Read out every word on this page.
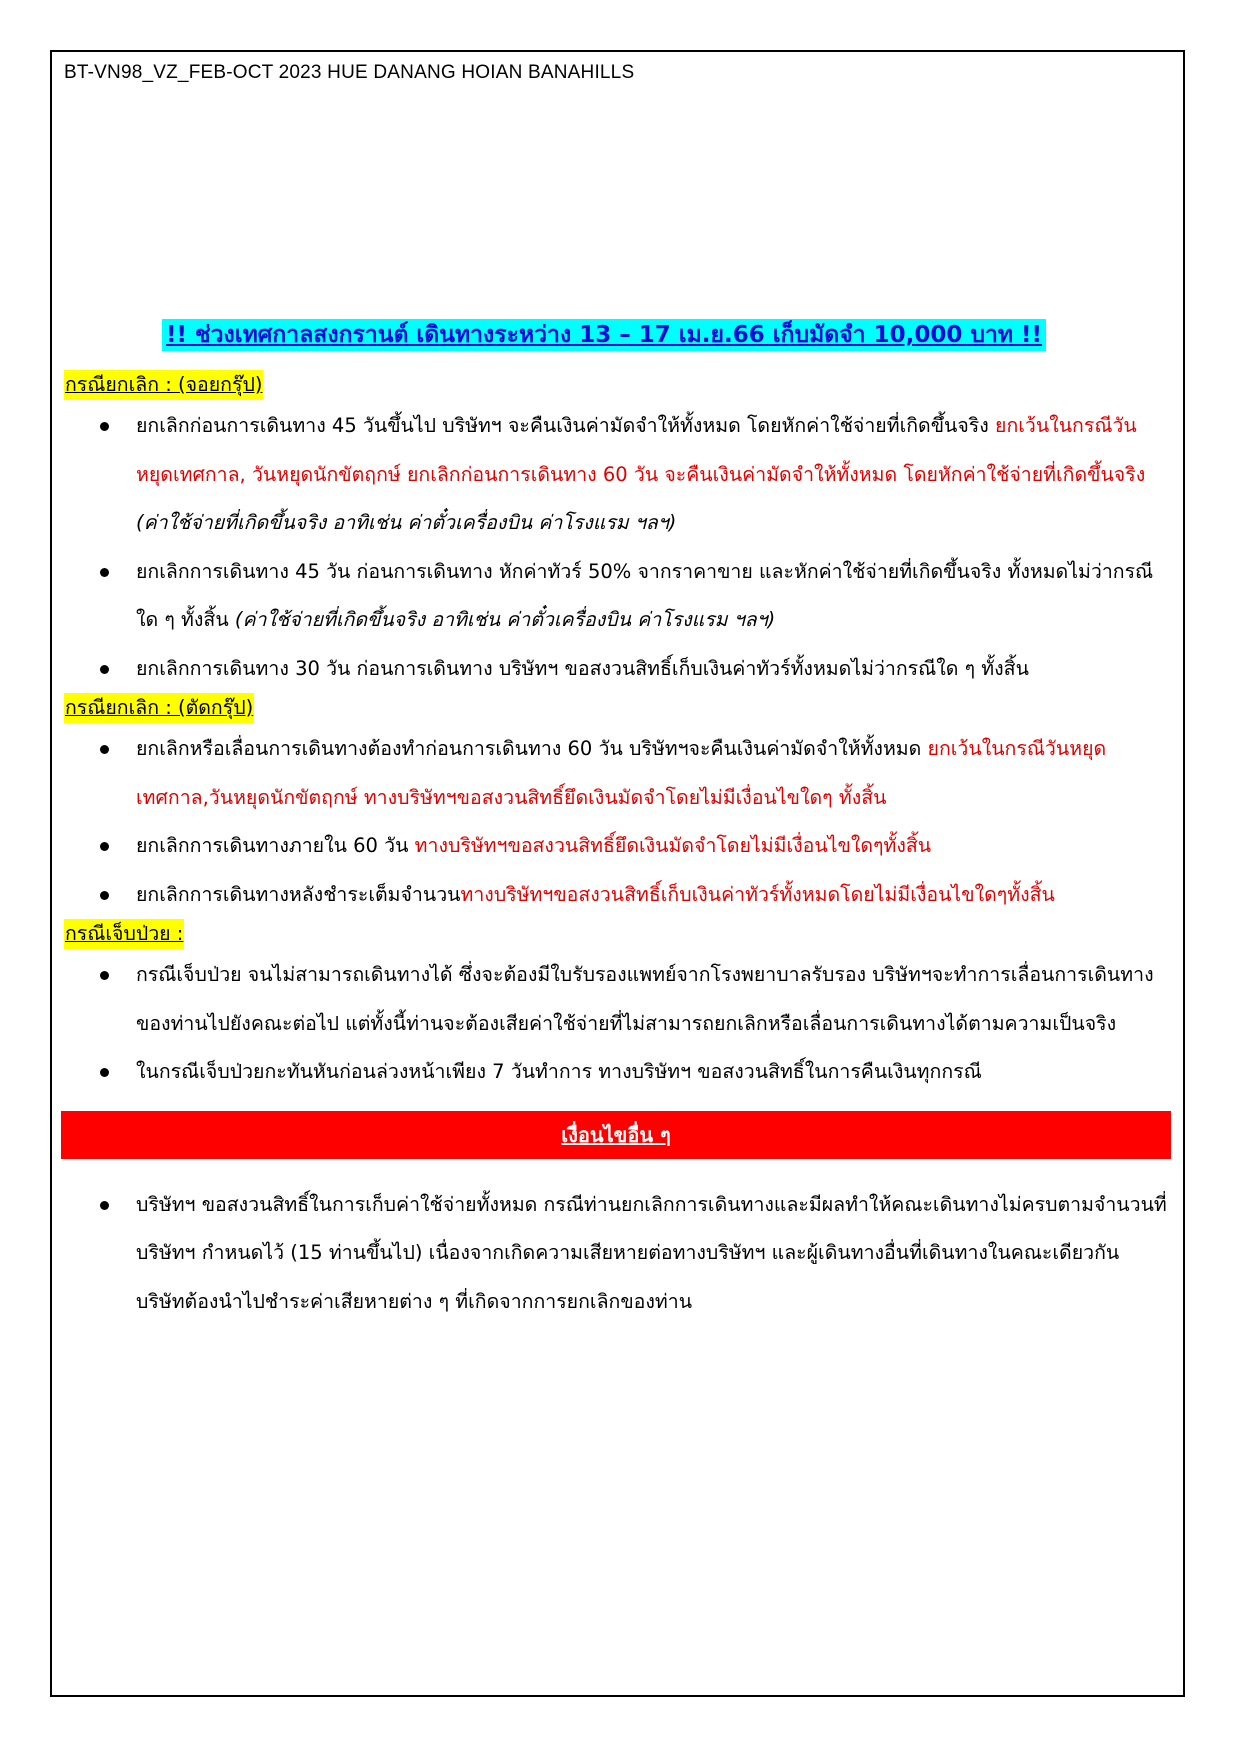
BT-VN98_VZ_FEB-OCT 2023 HUE DANANG HOIAN BANAHILLS
!! ช่วงเทศกาลสงกรานต์ เดินทางระหว่าง 13 – 17 เม.ย.66 เก็บมัดจำ 10,000 บาท !!
กรณียกเลิก : (จอยกรุ๊ป)
ยกเลิกก่อนการเดินทาง 45 วันขึ้นไป บริษัทฯ จะคืนเงินค่ามัดจำให้ทั้งหมด โดยหักค่าใช้จ่ายที่เกิดขึ้นจริง ยกเว้นในกรณีวันหยุดเทศกาล, วันหยุดนักขัตฤกษ์ ยกเลิกก่อนการเดินทาง 60 วัน จะคืนเงินค่ามัดจำให้ทั้งหมด โดยหักค่าใช้จ่ายที่เกิดขึ้นจริง (ค่าใช้จ่ายที่เกิดขึ้นจริง อาทิเช่น ค่าตั๋วเครื่องบิน ค่าโรงแรม ฯลฯ)
ยกเลิกการเดินทาง 45 วัน ก่อนการเดินทาง หักค่าทัวร์ 50% จากราคาขาย และหักค่าใช้จ่ายที่เกิดขึ้นจริง ทั้งหมดไม่ว่ากรณีใด ๆ ทั้งสิ้น (ค่าใช้จ่ายที่เกิดขึ้นจริง อาทิเช่น ค่าตั๋วเครื่องบิน ค่าโรงแรม ฯลฯ)
ยกเลิกการเดินทาง 30 วัน ก่อนการเดินทาง บริษัทฯ ขอสงวนสิทธิ์เก็บเงินค่าทัวร์ทั้งหมดไม่ว่ากรณีใด ๆ ทั้งสิ้น
กรณียกเลิก : (ตัดกรุ๊ป)
ยกเลิกหรือเลื่อนการเดินทางต้องทำก่อนการเดินทาง 60 วัน บริษัทฯจะคืนเงินค่ามัดจำให้ทั้งหมด ยกเว้นในกรณีวันหยุดเทศกาล,วันหยุดนักขัตฤกษ์ ทางบริษัทฯขอสงวนสิทธิ์ยึดเงินมัดจำโดยไม่มีเงื่อนไขใดๆ ทั้งสิ้น
ยกเลิกการเดินทางภายใน 60 วัน ทางบริษัทฯขอสงวนสิทธิ์ยึดเงินมัดจำโดยไม่มีเงื่อนไขใดๆทั้งสิ้น
ยกเลิกการเดินทางหลังชำระเต็มจำนวนทางบริษัทฯขอสงวนสิทธิ์เก็บเงินค่าทัวร์ทั้งหมดโดยไม่มีเงื่อนไขใดๆทั้งสิ้น
กรณีเจ็บป่วย :
กรณีเจ็บป่วย จนไม่สามารถเดินทางได้ ซึ่งจะต้องมีใบรับรองแพทย์จากโรงพยาบาลรับรอง บริษัทฯจะทำการเลื่อนการเดินทางของท่านไปยังคณะต่อไป แต่ทั้งนี้ท่านจะต้องเสียค่าใช้จ่ายที่ไม่สามารถยกเลิกหรือเลื่อนการเดินทางได้ตามความเป็นจริง
ในกรณีเจ็บป่วยกะทันหันก่อนล่วงหน้าเพียง 7 วันทำการ ทางบริษัทฯ ขอสงวนสิทธิ์ในการคืนเงินทุกกรณี
เงื่อนไขอื่น ๆ
บริษัทฯ ขอสงวนสิทธิ์ในการเก็บค่าใช้จ่ายทั้งหมด กรณีท่านยกเลิกการเดินทางและมีผลทำให้คณะเดินทางไม่ครบตามจำนวนที่บริษัทฯ กำหนดไว้ (15 ท่านขึ้นไป) เนื่องจากเกิดความเสียหายต่อทางบริษัทฯ และผู้เดินทางอื่นที่เดินทางในคณะเดียวกัน บริษัทต้องนำไปชำระค่าเสียหายต่าง ๆ ที่เกิดจากการยกเลิกของท่าน
